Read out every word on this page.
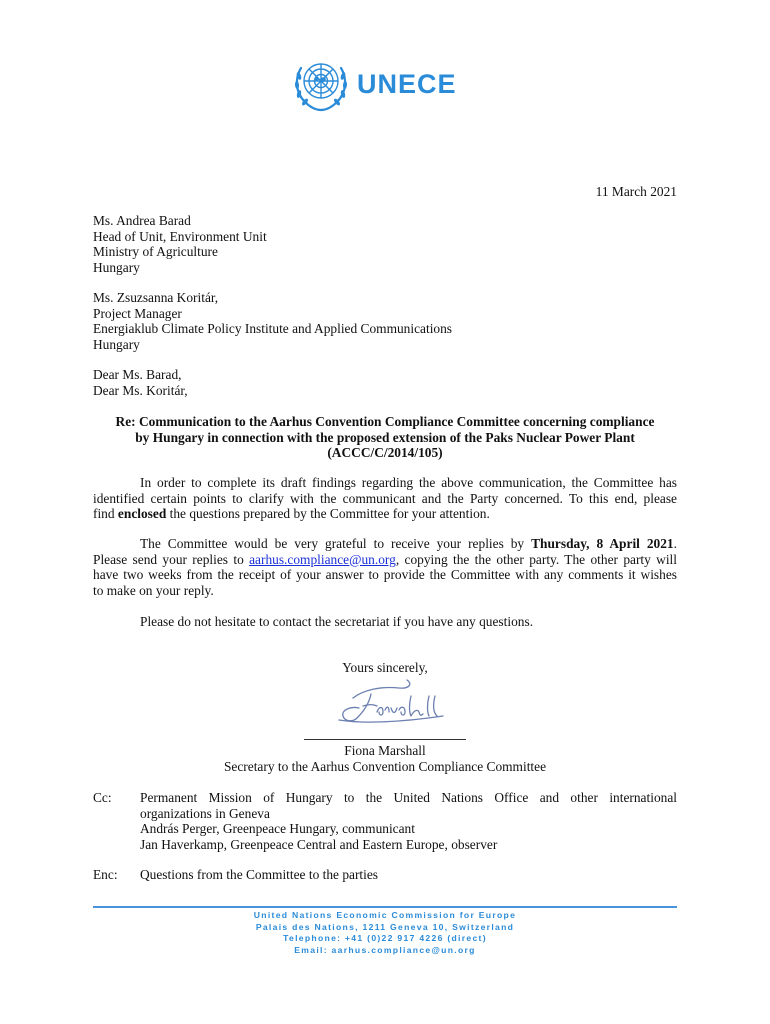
UNECE
11 March 2021
Ms. Andrea Barad
Head of Unit, Environment Unit
Ministry of Agriculture
Hungary
Ms. Zsuzsanna Koritár,
Project Manager
Energiaklub Climate Policy Institute and Applied Communications
Hungary
Dear Ms. Barad,
Dear Ms. Koritár,
Re: Communication to the Aarhus Convention Compliance Committee concerning compliance
by Hungary in connection with the proposed extension of the Paks Nuclear Power Plant
(ACCC/C/2014/105)
In order to complete its draft findings regarding the above communication, the Committee has
identified certain points to clarify with the communicant and the Party concerned. To this end, please
find enclosed the questions prepared by the Committee for your attention.
The Committee would be very grateful to receive your replies by Thursday, 8 April 2021.
Please send your replies to aarhus.compliance@un.org, copying the the other party. The other party will
have two weeks from the receipt of your answer to provide the Committee with any comments it wishes
to make on your reply.
Please do not hesitate to contact the secretariat if you have any questions.
Yours sincerely,
Fiona Marshall
Secretary to the Aarhus Convention Compliance Committee
Cc: Permanent Mission of Hungary to the United Nations Office and other international
organizations in Geneva
András Perger, Greenpeace Hungary, communicant
Jan Haverkamp, Greenpeace Central and Eastern Europe, observer
Enc: Questions from the Committee to the parties
United Nations Economic Commission for Europe
Palais des Nations, 1211 Geneva 10, Switzerland
Telephone: +41 (0)22 917 4226 (direct)
Email: aarhus.compliance@un.org
